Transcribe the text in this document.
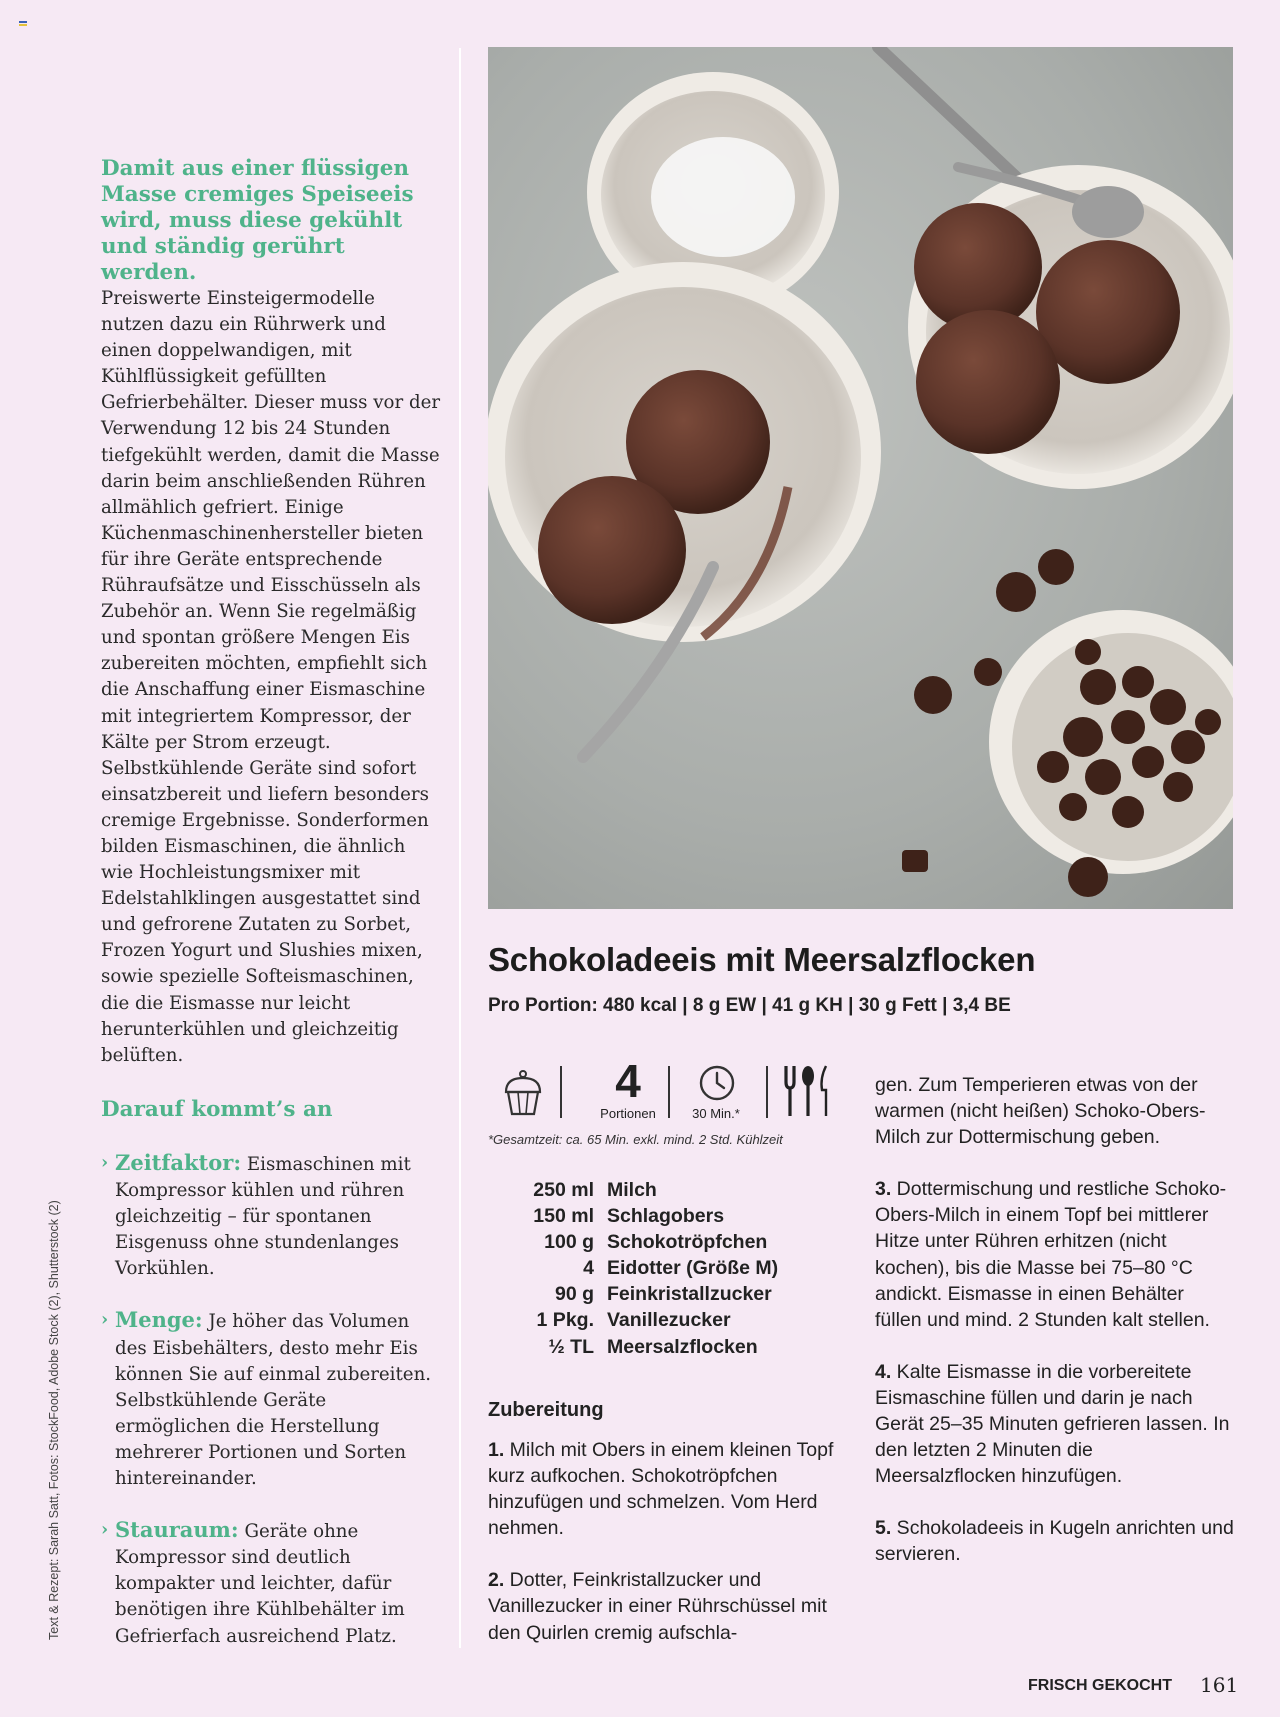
Damit aus einer flüssigen Masse cremiges Speiseeis wird, muss diese gekühlt und ständig gerührt werden.

Preiswerte Einsteigermodelle nutzen dazu ein Rührwerk und einen doppelwandigen, mit Kühlflüssigkeit gefüllten Gefrierbehälter. Dieser muss vor der Verwendung 12 bis 24 Stunden tiefgekühlt werden, damit die Masse darin beim anschließenden Rühren allmählich gefriert. Einige Küchenmaschinenhersteller bieten für ihre Geräte entsprechende Rühraufsätze und Eisschüsseln als Zubehör an. Wenn Sie regelmäßig und spontan größere Mengen Eis zubereiten möchten, empfiehlt sich die Anschaffung einer Eismaschine mit integriertem Kompressor, der Kälte per Strom erzeugt. Selbstkühlende Geräte sind sofort einsatzbereit und liefern besonders cremige Ergebnisse. Sonderformen bilden Eismaschinen, die ähnlich wie Hochleistungsmixer mit Edelstahlklingen ausgestattet sind und gefrorene Zutaten zu Sorbet, Frozen Yogurt und Slushies mixen, sowie spezielle Softeismaschinen, die die Eismasse nur leicht herunterkühlen und gleichzeitig belüften.

Darauf kommt’s an
› Zeitfaktor: Eismaschinen mit Kompressor kühlen und rühren gleichzeitig – für spontanen Eisgenuss ohne stundenlanges Vorkühlen.
› Menge: Je höher das Volumen des Eisbehälters, desto mehr Eis können Sie auf einmal zubereiten. Selbstkühlende Geräte ermöglichen die Herstellung mehrerer Portionen und Sorten hintereinander.
› Stauraum: Geräte ohne Kompressor sind deutlich kompakter und leichter, dafür benötigen ihre Kühlbehälter im Gefrierfach ausreichend Platz.
Text & Rezept: Sarah Satt, Fotos: StockFood, Adobe Stock (2), Shutterstock (2)
Schokoladeeis mit Meersalzflocken
Pro Portion: 480 kcal | 8 g EW | 41 g KH | 30 g Fett | 3,4 BE
4
Portionen	30 Min.*
*Gesamtzeit: ca. 65 Min. exkl. mind. 2 Std. Kühlzeit
250 ml	Milch
150 ml	Schlagobers
100 g	Schokotröpfchen
4	Eidotter (Größe M)
90 g	Feinkristallzucker
1 Pkg.	Vanillezucker
½ TL	Meersalzflocken
Zubereitung

1. Milch mit Obers in einem kleinen Topf kurz aufkochen. Schokotröpfchen hinzufügen und schmelzen. Vom Herd nehmen.

2. Dotter, Feinkristallzucker und Vanillezucker in einer Rührschüssel mit den Quirlen cremig aufschla-

gen. Zum Temperieren etwas von der warmen (nicht heißen) Schoko-Obers-Milch zur Dottermischung geben.

3. Dottermischung und restliche Schoko-Obers-Milch in einem Topf bei mittlerer Hitze unter Rühren erhitzen (nicht kochen), bis die Masse bei 75–80 °C andickt. Eismasse in einen Behälter füllen und mind. 2 Stunden kalt stellen.

4. Kalte Eismasse in die vorbereitete Eismaschine füllen und darin je nach Gerät 25–35 Minuten gefrieren lassen. In den letzten 2 Minuten die Meersalzflocken hinzufügen.

5. Schokoladeeis in Kugeln anrichten und servieren.

FRISCH GEKOCHT 161
